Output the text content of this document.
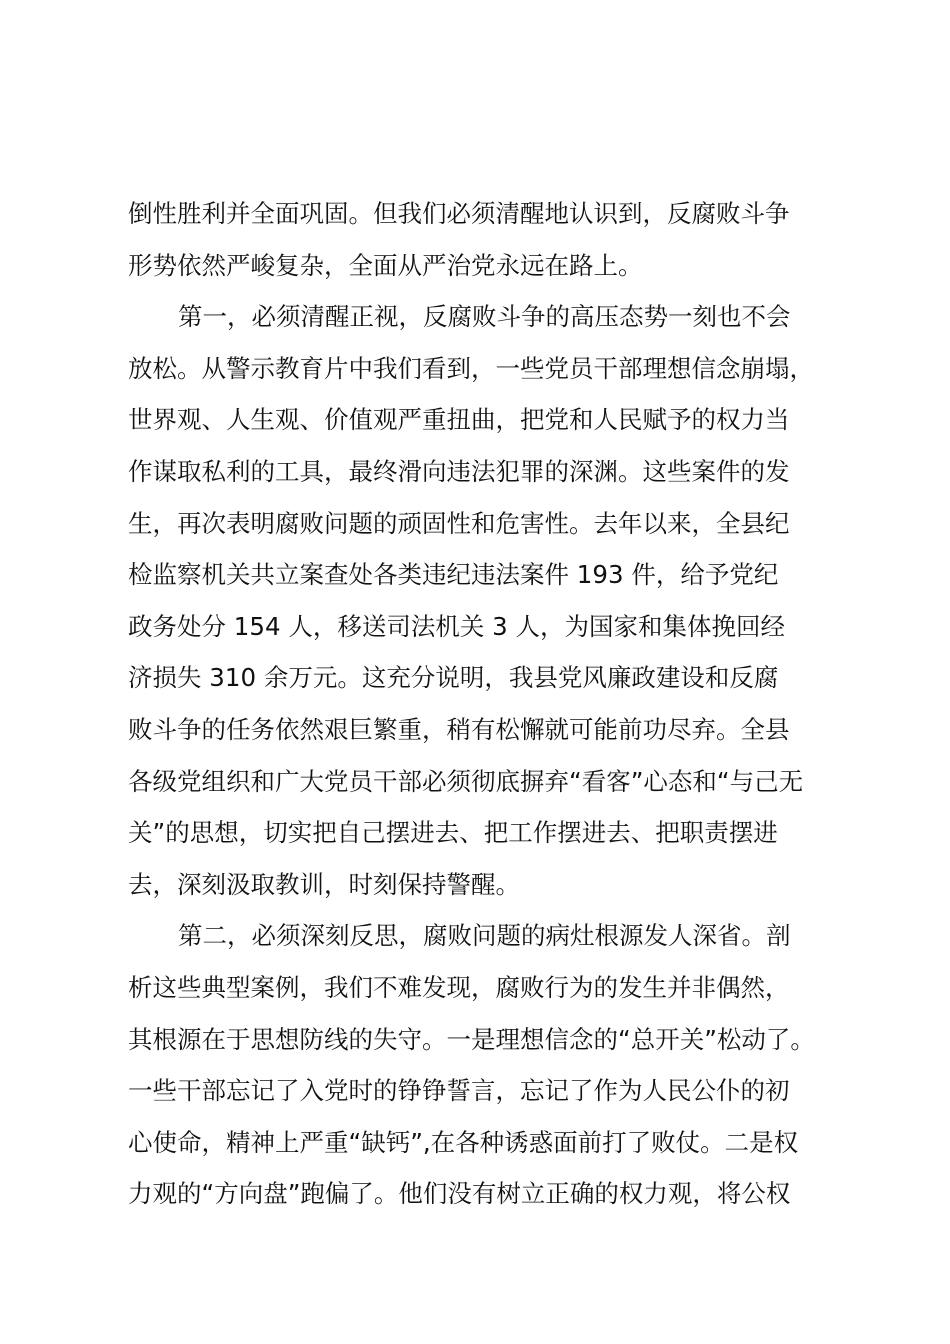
倒性胜利并全面巩固。但我们必须清醒地认识到，反腐败斗争
形势依然严峻复杂，全面从严治党永远在路上。
第一，必须清醒正视，反腐败斗争的高压态势一刻也不会
放松。从警示教育片中我们看到，一些党员干部理想信念崩塌，
世界观、人生观、价值观严重扭曲，把党和人民赋予的权力当
作谋取私利的工具，最终滑向违法犯罪的深渊。这些案件的发
生，再次表明腐败问题的顽固性和危害性。去年以来，全县纪
检监察机关共立案查处各类违纪违法案件 193 件，给予党纪
政务处分 154 人，移送司法机关 3 人，为国家和集体挽回经
济损失 310 余万元。这充分说明，我县党风廉政建设和反腐
败斗争的任务依然艰巨繁重，稍有松懈就可能前功尽弃。全县
各级党组织和广大党员干部必须彻底摒弃“看客”心态和“与己无
关”的思想，切实把自己摆进去、把工作摆进去、把职责摆进
去，深刻汲取教训，时刻保持警醒。
第二，必须深刻反思，腐败问题的病灶根源发人深省。剖
析这些典型案例，我们不难发现，腐败行为的发生并非偶然，
其根源在于思想防线的失守。一是理想信念的“总开关”松动了。
一些干部忘记了入党时的铮铮誓言，忘记了作为人民公仆的初
心使命，精神上严重“缺钙”,在各种诱惑面前打了败仗。二是权
力观的“方向盘”跑偏了。他们没有树立正确的权力观，将公权
